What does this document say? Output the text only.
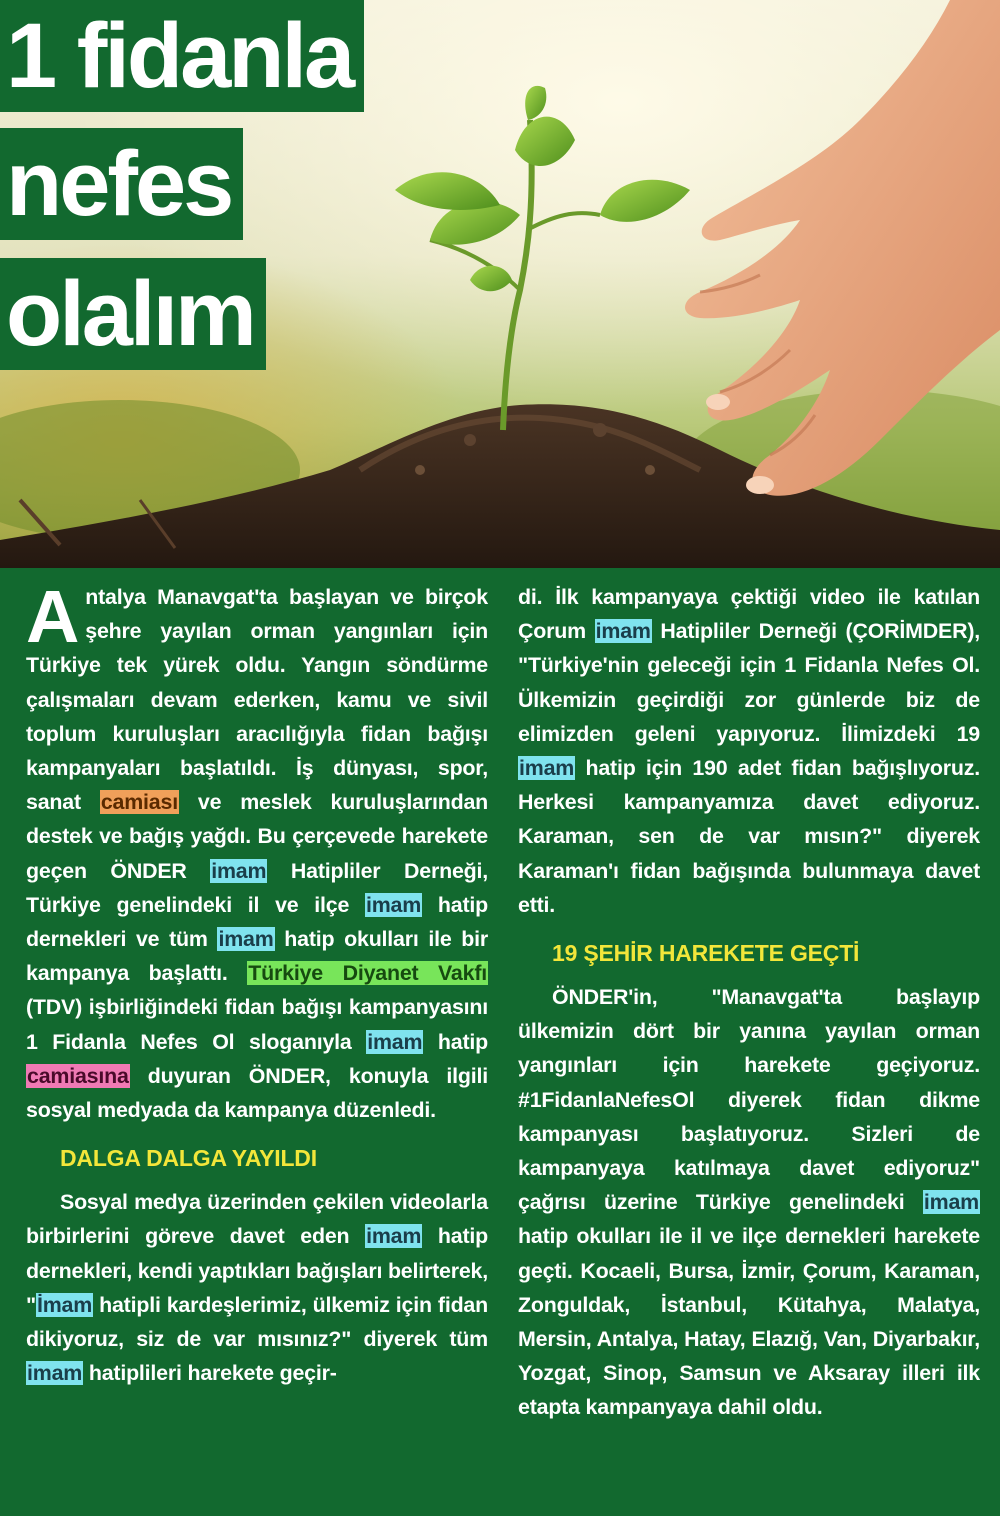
1 fidanla
nefes
olalım

Antalya Manavgat'ta başlayan ve birçok şehre yayılan orman yangınları için Türkiye tek yürek oldu. Yangın söndürme çalışmaları devam ederken, kamu ve sivil toplum kuruluşları aracılığıyla fidan bağışı kampanyaları başlatıldı. İş dünyası, spor, sanat camiası ve meslek kuruluşlarından destek ve bağış yağdı. Bu çerçevede harekete geçen ÖNDER imam Hatipliler Derneği, Türkiye genelindeki il ve ilçe imam hatip dernekleri ve tüm imam hatip okulları ile bir kampanya başlattı. Türkiye Diyanet Vakfı (TDV) işbirliğindeki fidan bağışı kampanyasını 1 Fidanla Nefes Ol sloganıyla imam hatip camiasına duyuran ÖNDER, konuyla ilgili sosyal medyada da kampanya düzenledi.

DALGA DALGA YAYILDI

Sosyal medya üzerinden çekilen videolarla birbirlerini göreve davet eden imam hatip dernekleri, kendi yaptıkları bağışları belirterek, "İmam hatipli kardeşlerimiz, ülkemiz için fidan dikiyoruz, siz de var mısınız?" diyerek tüm imam hatiplileri harekete geçir-

di. İlk kampanyaya çektiği video ile katılan Çorum imam Hatipliler Derneği (ÇORİMDER), "Türkiye'nin geleceği için 1 Fidanla Nefes Ol. Ülkemizin geçirdiği zor günlerde biz de elimizden geleni yapıyoruz. İlimizdeki 19 imam hatip için 190 adet fidan bağışlıyoruz. Herkesi kampanyamıza davet ediyoruz. Karaman, sen de var mısın?" diyerek Karaman'ı fidan bağışında bulunmaya davet etti.

19 ŞEHİR HAREKETE GEÇTİ

ÖNDER'in, "Manavgat'ta başlayıp ülkemizin dört bir yanına yayılan orman yangınları için harekete geçiyoruz. #1FidanlaNefesOl diyerek fidan dikme kampanyası başlatıyoruz. Sizleri de kampanyaya katılmaya davet ediyoruz" çağrısı üzerine Türkiye genelindeki imam hatip okulları ile il ve ilçe dernekleri harekete geçti. Kocaeli, Bursa, İzmir, Çorum, Karaman, Zonguldak, İstanbul, Kütahya, Malatya, Mersin, Antalya, Hatay, Elazığ, Van, Diyarbakır, Yozgat, Sinop, Samsun ve Aksaray illeri ilk etapta kampanyaya dahil oldu.
